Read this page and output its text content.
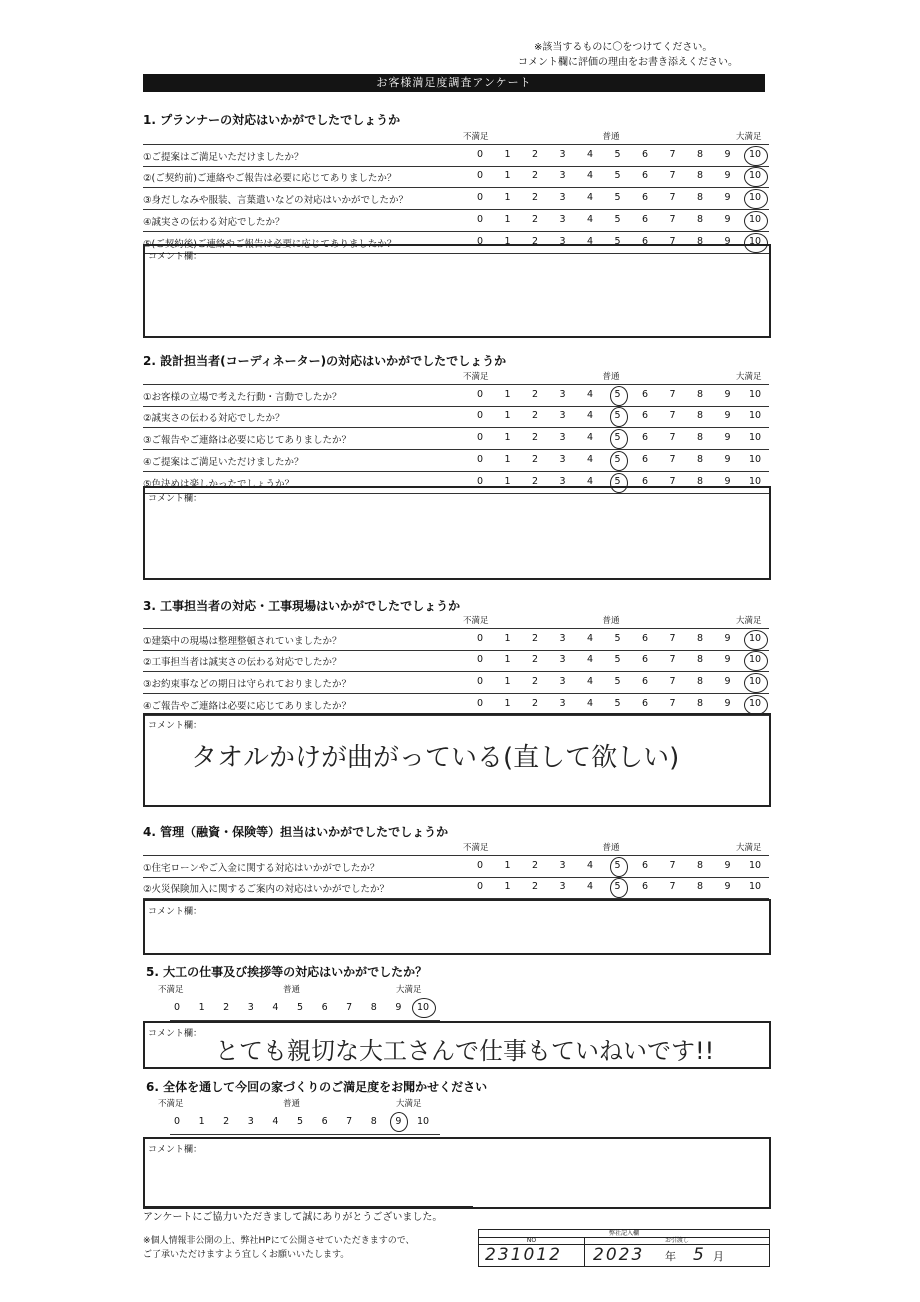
※該当するものに〇をつけてください。
コメント欄に評価の理由をお書き添えください。
お客様満足度調査アンケート
1. プランナーの対応はいかがでしたでしょうか
不満足	普通	大満足
①ご提案はご満足いただけましたか？	0	1	2	3	4	5	6	7	8	9	10
②(ご契約前)ご連絡やご報告は必要に応じてありましたか？	0	1	2	3	4	5	6	7	8	9	10
③身だしなみや服装、言葉遣いなどの対応はいかがでしたか？	0	1	2	3	4	5	6	7	8	9	10
④誠実さの伝わる対応でしたか？	0	1	2	3	4	5	6	7	8	9	10
⑤(ご契約後)ご連絡やご報告は必要に応じてありましたか？	0	1	2	3	4	5	6	7	8	9	10
コメント欄：
2. 設計担当者(コーディネーター)の対応はいかがでしたでしょうか
不満足	普通	大満足
①お客様の立場で考えた行動・言動でしたか？	0	1	2	3	4	5	6	7	8	9	10
②誠実さの伝わる対応でしたか？	0	1	2	3	4	5	6	7	8	9	10
③ご報告やご連絡は必要に応じてありましたか？	0	1	2	3	4	5	6	7	8	9	10
④ご提案はご満足いただけましたか？	0	1	2	3	4	5	6	7	8	9	10
⑤色決めは楽しかったでしょうか？	0	1	2	3	4	5	6	7	8	9	10
コメント欄：
3. 工事担当者の対応・工事現場はいかがでしたでしょうか
不満足	普通	大満足
①建築中の現場は整理整頓されていましたか？	0	1	2	3	4	5	6	7	8	9	10
②工事担当者は誠実さの伝わる対応でしたか？	0	1	2	3	4	5	6	7	8	9	10
③お約束事などの期日は守られておりましたか？	0	1	2	3	4	5	6	7	8	9	10
④ご報告やご連絡は必要に応じてありましたか？	0	1	2	3	4	5	6	7	8	9	10
コメント欄：
タオルかけが曲がっている(直して欲しい)
4. 管理（融資・保険等）担当はいかがでしたでしょうか
不満足	普通	大満足
①住宅ローンやご入金に関する対応はいかがでしたか？	0	1	2	3	4	5	6	7	8	9	10
②火災保険加入に関するご案内の対応はいかがでしたか？	0	1	2	3	4	5	6	7	8	9	10
コメント欄：
5. 大工の仕事及び挨拶等の対応はいかがでしたか？
不満足	普通	大満足
0	1	2	3	4	5	6	7	8	9	10
コメント欄：
とても親切な大工さんで仕事もていねいです!!
6. 全体を通して今回の家づくりのご満足度をお聞かせください
不満足	普通	大満足
0	1	2	3	4	5	6	7	8	9	10
コメント欄：
アンケートにご協力いただきまして誠にありがとうございました。
※個人情報非公開の上、弊社HPにて公開させていただきますので、
ご了承いただけますよう宜しくお願いいたします。
弊社記入欄
NO	お引渡し
231012 2023 年 5 月
